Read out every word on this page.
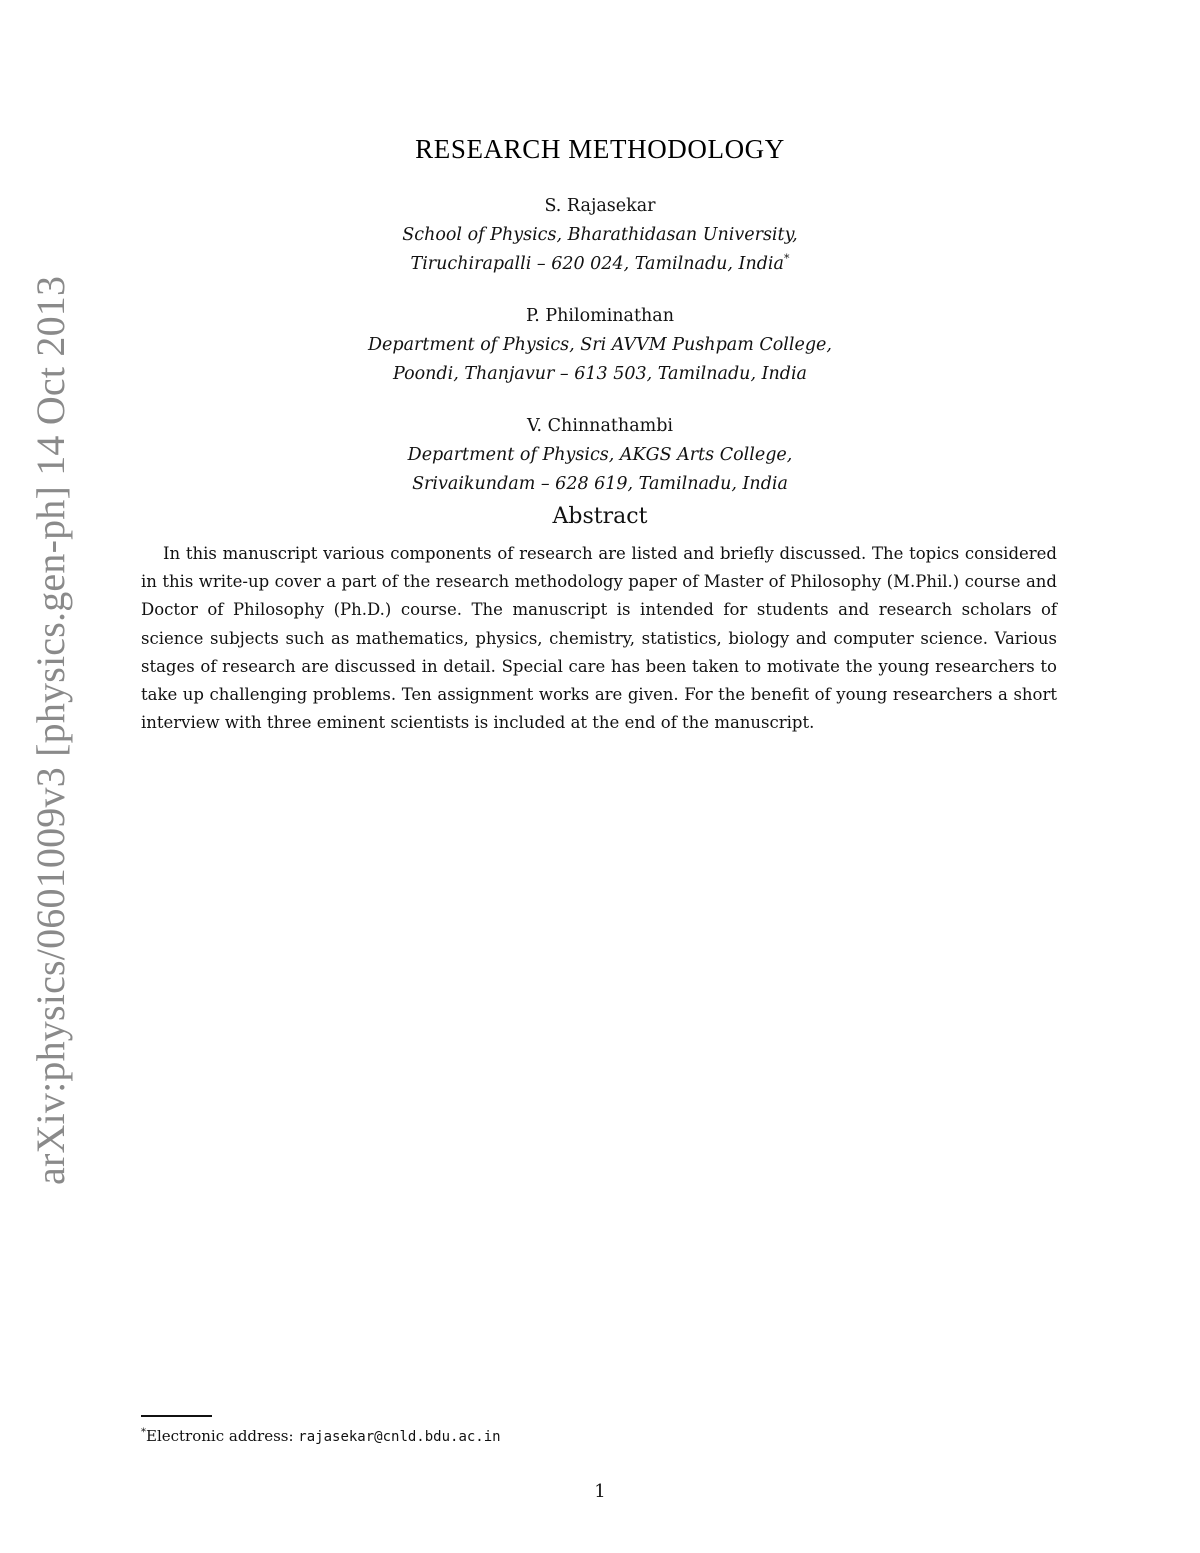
arXiv:physics/0601009v3 [physics.gen-ph] 14 Oct 2013
RESEARCH METHODOLOGY
S. Rajasekar
School of Physics, Bharathidasan University,
Tiruchirapalli – 620 024, Tamilnadu, India*
P. Philominathan
Department of Physics, Sri AVVM Pushpam College,
Poondi, Thanjavur – 613 503, Tamilnadu, India
V. Chinnathambi
Department of Physics, AKGS Arts College,
Srivaikundam – 628 619, Tamilnadu, India
Abstract
In this manuscript various components of research are listed and briefly discussed. The topics considered in this write-up cover a part of the research methodology paper of Master of Philosophy (M.Phil.) course and Doctor of Philosophy (Ph.D.) course. The manuscript is intended for students and research scholars of science subjects such as mathematics, physics, chemistry, statistics, biology and computer science. Various stages of research are discussed in detail. Special care has been taken to motivate the young researchers to take up challenging problems. Ten assignment works are given. For the benefit of young researchers a short interview with three eminent scientists is included at the end of the manuscript.
*Electronic address: rajasekar@cnld.bdu.ac.in
1
